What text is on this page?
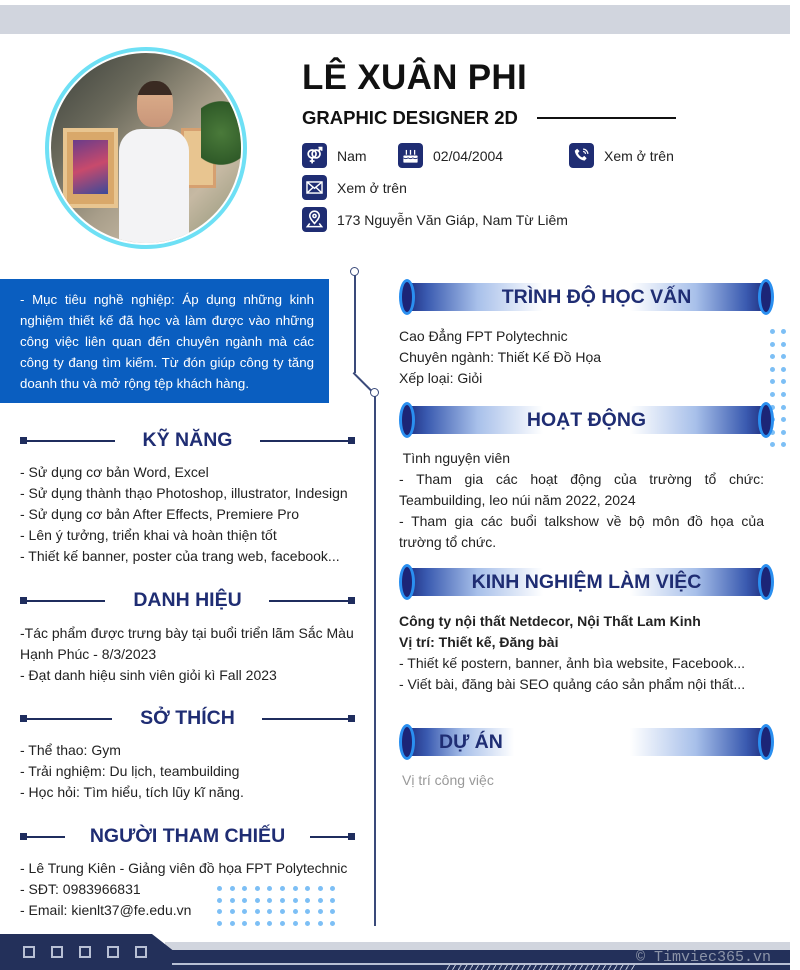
LÊ XUÂN PHI
GRAPHIC DESIGNER 2D
Nam	02/04/2004	Xem ở trên
Xem ở trên
173 Nguyễn Văn Giáp, Nam Từ Liêm
- Mục tiêu nghề nghiệp: Áp dụng những kinh nghiệm thiết kế đã học và làm được vào những công việc liên quan đến chuyên ngành mà các công ty đang tìm kiếm. Từ đón giúp công ty tăng doanh thu và mở rộng tệp khách hàng.
KỸ NĂNG
- Sử dụng cơ bản Word, Excel
- Sử dụng thành thạo Photoshop, illustrator, Indesign
- Sử dụng cơ bản After Effects, Premiere Pro
- Lên ý tưởng, triển khai và hoàn thiện tốt
- Thiết kế banner, poster của trang web, facebook...
DANH HIỆU
-Tác phẩm được trưng bày tại buổi triển lãm Sắc Màu
Hạnh Phúc - 8/3/2023
- Đạt danh hiệu sinh viên giỏi kì Fall 2023
SỞ THÍCH
- Thể thao: Gym
- Trải nghiệm: Du lịch, teambuilding
- Học hỏi: Tìm hiểu, tích lũy kĩ năng.
NGƯỜI THAM CHIẾU
- Lê Trung Kiên - Giảng viên đồ họa FPT Polytechnic
- SĐT: 0983966831
- Email: kienlt37@fe.edu.vn
TRÌNH ĐỘ HỌC VẤN
Cao Đẳng FPT Polytechnic
Chuyên ngành: Thiết Kế Đồ Họa
Xếp loại: Giỏi
HOẠT ĐỘNG
Tình nguyện viên
- Tham gia các hoạt động của trường tổ chức: Teambuilding, leo núi năm 2022, 2024
- Tham gia các buổi talkshow về bộ môn đồ họa của trường tổ chức.
KINH NGHIỆM LÀM VIỆC
Công ty nội thất Netdecor, Nội Thất Lam Kinh
Vị trí: Thiết kế, Đăng bài
- Thiết kế postern, banner, ảnh bìa website, Facebook...
- Viết bài, đăng bài SEO quảng cáo sản phẩm nội thất...
DỰ ÁN
Vị trí công việc
© Timviec365.vn
